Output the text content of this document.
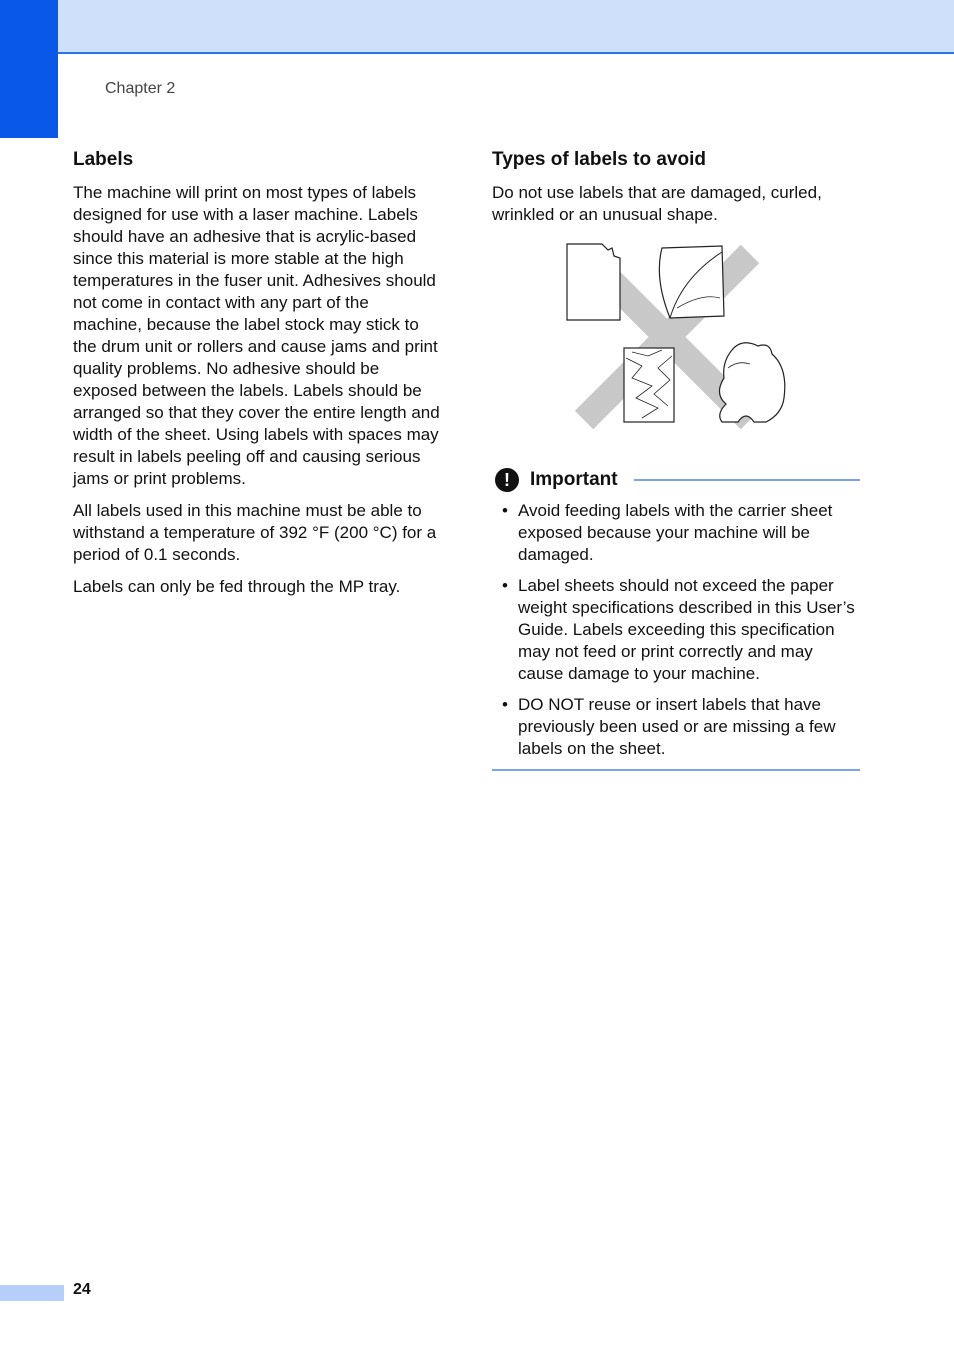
Chapter 2
Labels

The machine will print on most types of labels designed for use with a laser machine. Labels should have an adhesive that is acrylic-based since this material is more stable at the high temperatures in the fuser unit. Adhesives should not come in contact with any part of the machine, because the label stock may stick to the drum unit or rollers and cause jams and print quality problems. No adhesive should be exposed between the labels. Labels should be arranged so that they cover the entire length and width of the sheet. Using labels with spaces may result in labels peeling off and causing serious jams or print problems.

All labels used in this machine must be able to withstand a temperature of 392 °F (200 °C) for a period of 0.1 seconds.

Labels can only be fed through the MP tray.

Types of labels to avoid

Do not use labels that are damaged, curled, wrinkled or an unusual shape.

!	Important
• Avoid feeding labels with the carrier sheet exposed because your machine will be damaged.
• Label sheets should not exceed the paper weight specifications described in this User’s Guide. Labels exceeding this specification may not feed or print correctly and may cause damage to your machine.
• DO NOT reuse or insert labels that have previously been used or are missing a few labels on the sheet.
24
